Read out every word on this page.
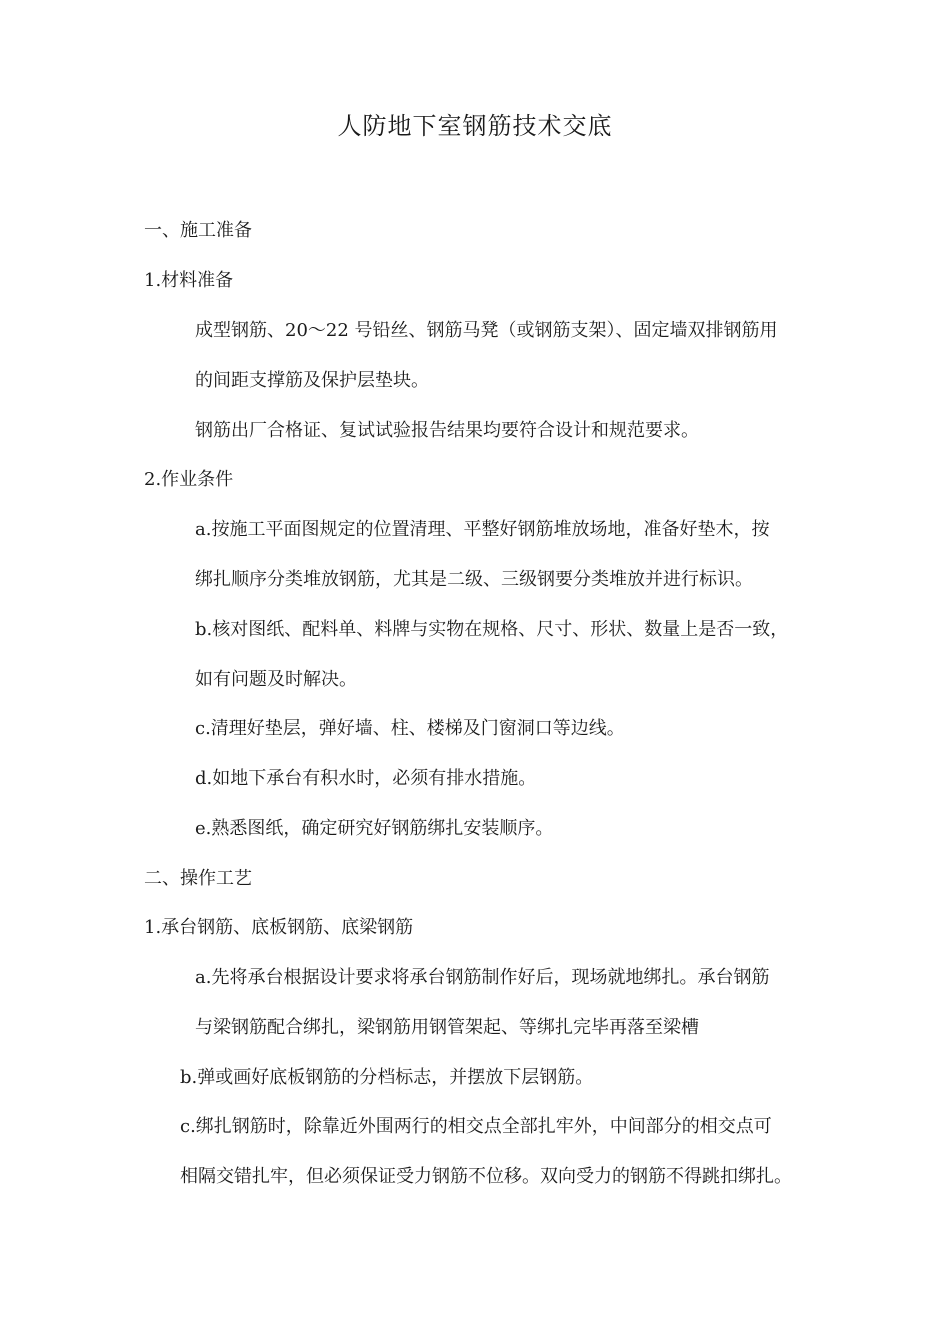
人防地下室钢筋技术交底
一、施工准备
1.材料准备
成型钢筋、20～22 号铅丝、钢筋马凳（或钢筋支架）、固定墙双排钢筋用
的间距支撑筋及保护层垫块。
钢筋出厂合格证、复试试验报告结果均要符合设计和规范要求。
2.作业条件
a.按施工平面图规定的位置清理、平整好钢筋堆放场地，准备好垫木，按
绑扎顺序分类堆放钢筋，尤其是二级、三级钢要分类堆放并进行标识。
b.核对图纸、配料单、料牌与实物在规格、尺寸、形状、数量上是否一致，
如有问题及时解决。
c.清理好垫层，弹好墙、柱、楼梯及门窗洞口等边线。
d.如地下承台有积水时，必须有排水措施。
e.熟悉图纸，确定研究好钢筋绑扎安装顺序。
二、操作工艺
1.承台钢筋、底板钢筋、底梁钢筋
a.先将承台根据设计要求将承台钢筋制作好后，现场就地绑扎。承台钢筋
与梁钢筋配合绑扎，梁钢筋用钢管架起、等绑扎完毕再落至梁槽
b.弹或画好底板钢筋的分档标志，并摆放下层钢筋。
c.绑扎钢筋时，除靠近外围两行的相交点全部扎牢外，中间部分的相交点可
相隔交错扎牢，但必须保证受力钢筋不位移。双向受力的钢筋不得跳扣绑扎。
